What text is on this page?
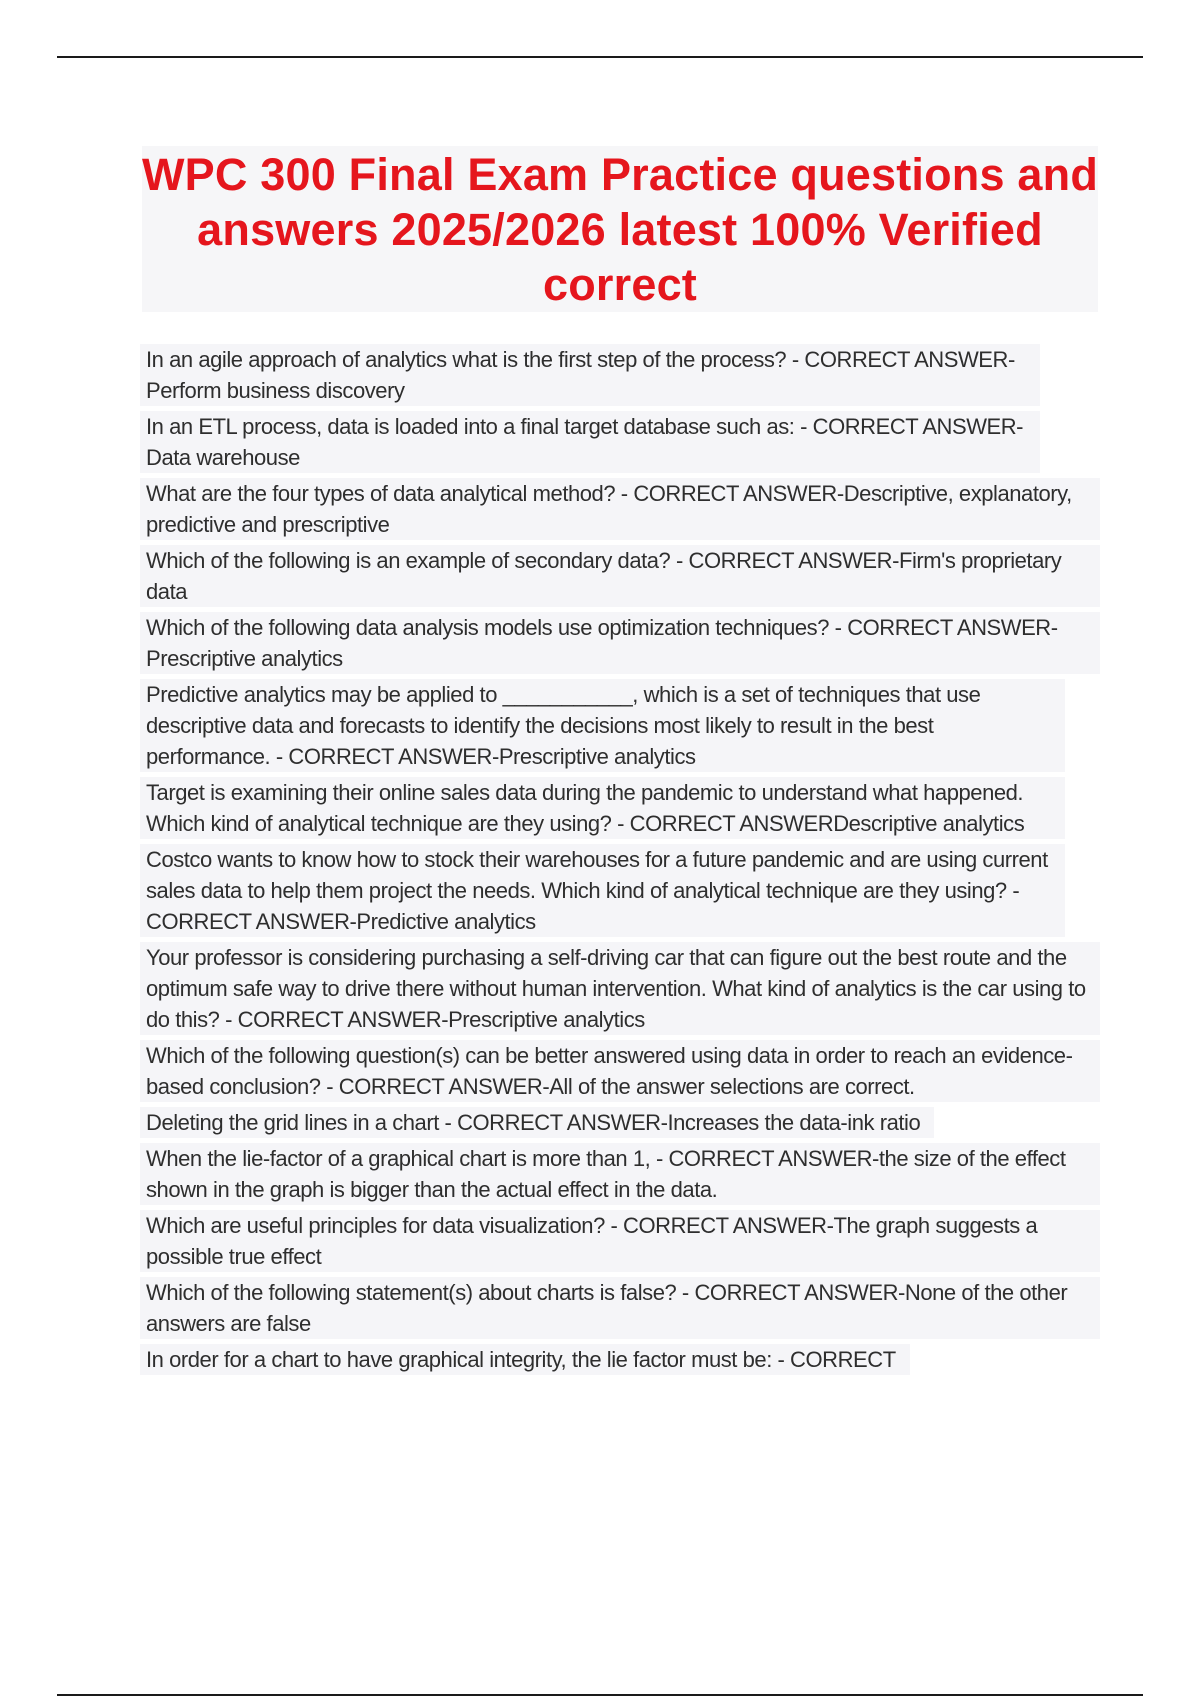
WPC 300 Final Exam Practice questions and answers 2025/2026 latest 100% Verified correct
In an agile approach of analytics what is the first step of the process? - CORRECT ANSWER-Perform business discovery
In an ETL process, data is loaded into a final target database such as: - CORRECT ANSWER-Data warehouse
What are the four types of data analytical method? - CORRECT ANSWER-Descriptive, explanatory, predictive and prescriptive
Which of the following is an example of secondary data? - CORRECT ANSWER-Firm's proprietary data
Which of the following data analysis models use optimization techniques? - CORRECT ANSWER-Prescriptive analytics
Predictive analytics may be applied to ___________, which is a set of techniques that use descriptive data and forecasts to identify the decisions most likely to result in the best performance. - CORRECT ANSWER-Prescriptive analytics
Target is examining their online sales data during the pandemic to understand what happened. Which kind of analytical technique are they using? - CORRECT ANSWERDescriptive analytics
Costco wants to know how to stock their warehouses for a future pandemic and are using current sales data to help them project the needs. Which kind of analytical technique are they using? - CORRECT ANSWER-Predictive analytics
Your professor is considering purchasing a self-driving car that can figure out the best route and the optimum safe way to drive there without human intervention. What kind of analytics is the car using to do this? - CORRECT ANSWER-Prescriptive analytics
Which of the following question(s) can be better answered using data in order to reach an evidence-based conclusion? - CORRECT ANSWER-All of the answer selections are correct.
Deleting the grid lines in a chart - CORRECT ANSWER-Increases the data-ink ratio
When the lie-factor of a graphical chart is more than 1, - CORRECT ANSWER-the size of the effect shown in the graph is bigger than the actual effect in the data.
Which are useful principles for data visualization? - CORRECT ANSWER-The graph suggests a possible true effect
Which of the following statement(s) about charts is false? - CORRECT ANSWER-None of the other answers are false
In order for a chart to have graphical integrity, the lie factor must be: - CORRECT
